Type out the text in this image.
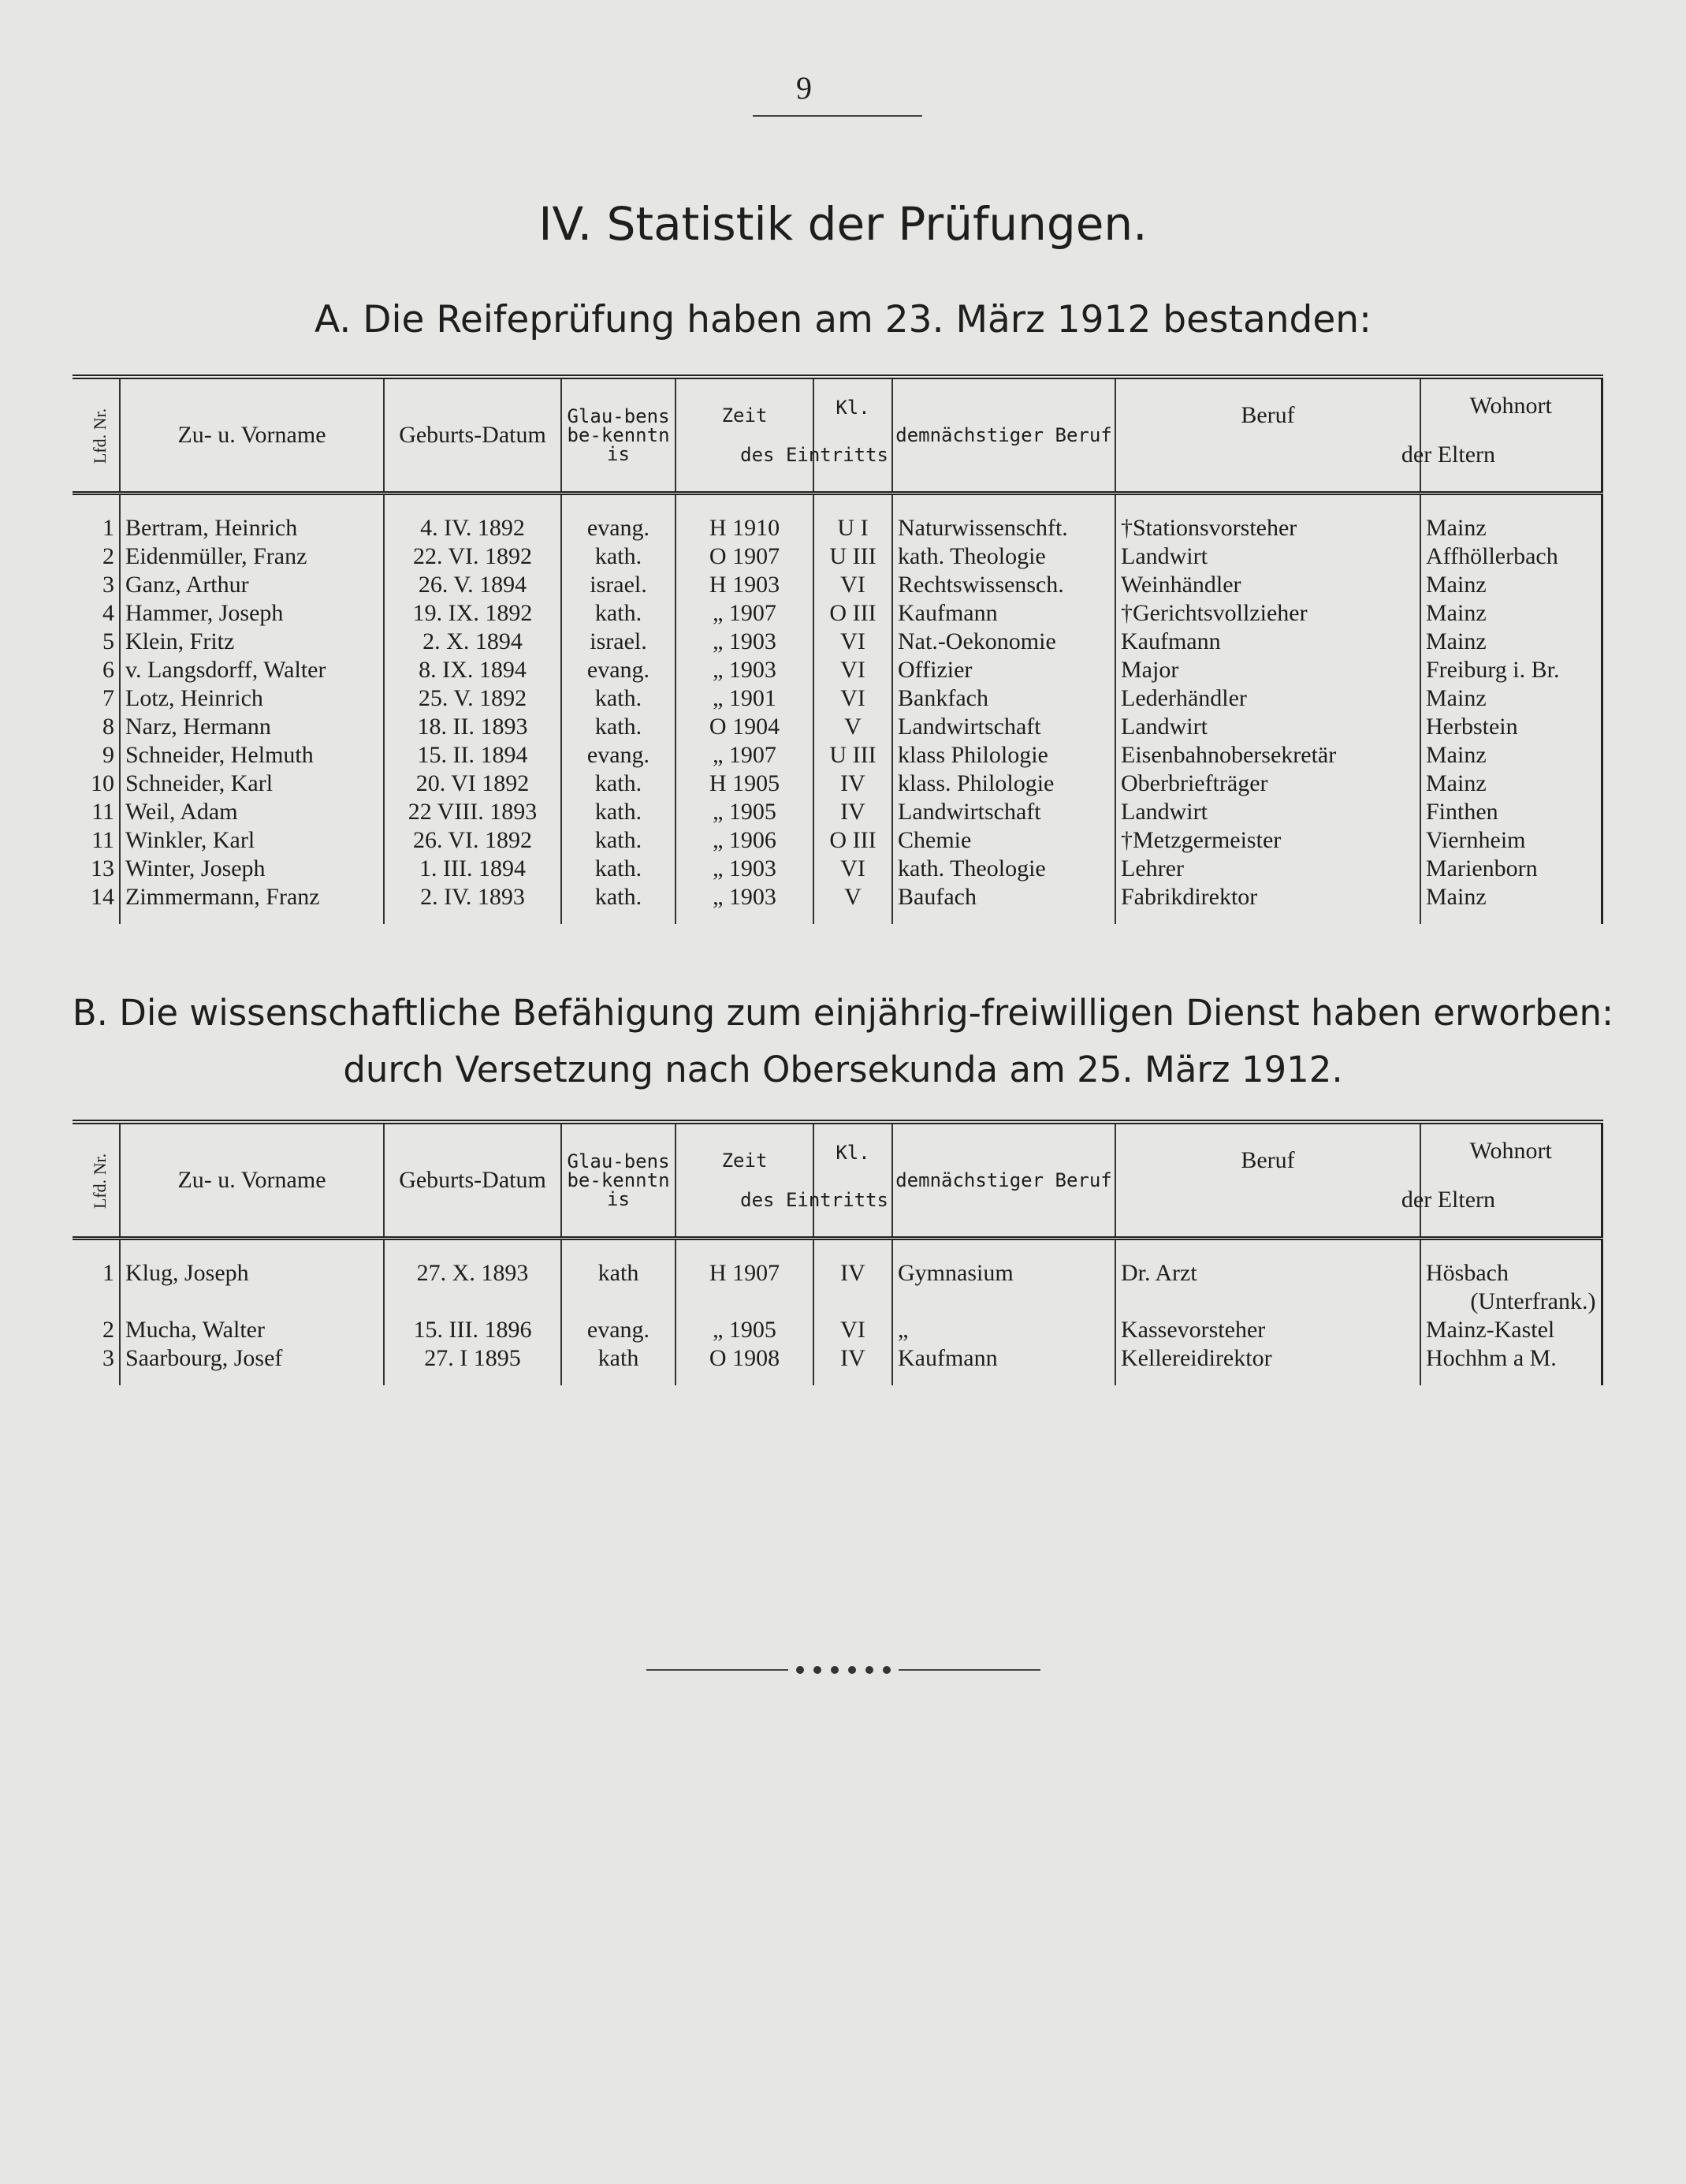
9
IV. Statistik der Prüfungen.
A. Die Reifeprüfung haben am 23. März 1912 bestanden:
Lfd. Nr.	Zu- u. Vorname	Geburts-Datum	Glau-bensbe-kenntnis	Zeit
des Eintritts	Kl.	demnächstiger Beruf	Beruf
der Eltern	Wohnort

1	Bertram, Heinrich	4. IV. 1892	evang.	H 1910	U I	Naturwissenschft.	†Stationsvorsteher	Mainz
2	Eidenmüller, Franz	22. VI. 1892	kath.	O 1907	U III	kath. Theologie	Landwirt	Affhöllerbach
3	Ganz, Arthur	26. V. 1894	israel.	H 1903	VI	Rechtswissensch.	Weinhändler	Mainz
4	Hammer, Joseph	19. IX. 1892	kath.	„ 1907	O III	Kaufmann	†Gerichtsvollzieher	Mainz
5	Klein, Fritz	2. X. 1894	israel.	„ 1903	VI	Nat.-Oekonomie	Kaufmann	Mainz
6	v. Langsdorff, Walter	8. IX. 1894	evang.	„ 1903	VI	Offizier	Major	Freiburg i. Br.
7	Lotz, Heinrich	25. V. 1892	kath.	„ 1901	VI	Bankfach	Lederhändler	Mainz
8	Narz, Hermann	18. II. 1893	kath.	O 1904	V	Landwirtschaft	Landwirt	Herbstein
9	Schneider, Helmuth	15. II. 1894	evang.	„ 1907	U III	klass Philologie	Eisenbahnobersekretär	Mainz
10	Schneider, Karl	20. VI 1892	kath.	H 1905	IV	klass. Philologie	Oberbriefträger	Mainz
11	Weil, Adam	22 VIII. 1893	kath.	„ 1905	IV	Landwirtschaft	Landwirt	Finthen
11	Winkler, Karl	26. VI. 1892	kath.	„ 1906	O III	Chemie	†Metzgermeister	Viernheim
13	Winter, Joseph	1. III. 1894	kath.	„ 1903	VI	kath. Theologie	Lehrer	Marienborn
14	Zimmermann, Franz	2. IV. 1893	kath.	„ 1903	V	Baufach	Fabrikdirektor	Mainz

B. Die wissenschaftliche Befähigung zum einjährig-freiwilligen Dienst haben erworben:
durch Versetzung nach Obersekunda am 25. März 1912.
Lfd. Nr.	Zu- u. Vorname	Geburts-Datum	Glau-bensbe-kenntnis	Zeit
des Eintritts	Kl.	demnächstiger Beruf	Beruf
der Eltern	Wohnort

1	Klug, Joseph	27. X. 1893	kath	H 1907	IV	Gymnasium	Dr. Arzt	Hösbach
								(Unterfrank.)
2	Mucha, Walter	15. III. 1896	evang.	„ 1905	VI	„	Kassevorsteher	Mainz-Kastel
3	Saarbourg, Josef	27. I 1895	kath	O 1908	IV	Kaufmann	Kellereidirektor	Hochhm a M.
